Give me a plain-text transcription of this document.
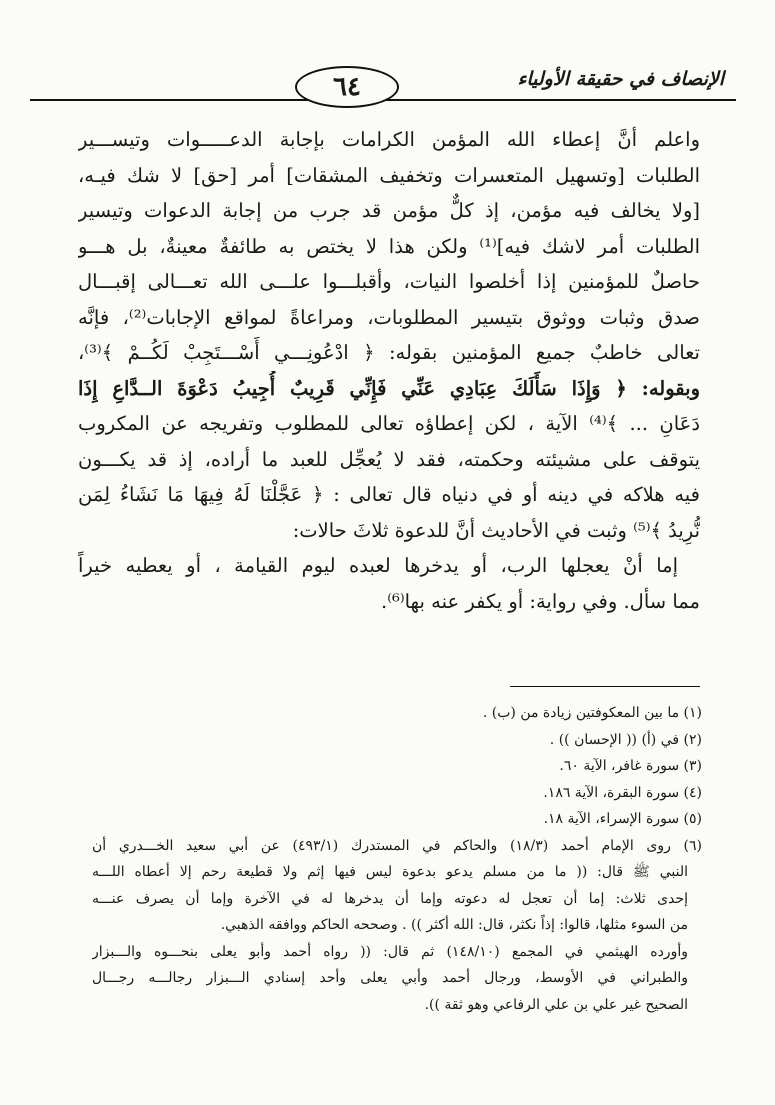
الإنصاف في حقيقة الأولياء
٦٤
واعلم أنَّ إعطاء الله المؤمن الكرامات بإجابة الدعـــــوات وتيســـير
الطلبات [وتسهيل المتعسرات وتخفيف المشقات] أمر [حق] لا شك فيـه،
[ولا يخالف فيه مؤمن، إذ كلٌّ مؤمن قد جرب من إجابة الدعوات وتيسير
الطلبات أمر لاشك فيه]⁽¹⁾ ولكن هذا لا يختص به طائفةٌ معينةٌ، بل هـــو
حاصلٌ للمؤمنين إذا أخلصوا النيات، وأقبلـــوا علـــى الله تعـــالى إقبـــال
صدق وثبات ووثوق بتيسير المطلوبات، ومراعاةً لمواقع الإجابات⁽²⁾، فإنَّه
تعالى خاطبٌ جميع المؤمنين بقوله: ﴿ ادْعُونِـــي أَسْـــتَجِبْ لَكُــمْ ﴾⁽³⁾،
وبقوله: ﴿ وَإِذَا سَأَلَكَ عِبَادِي عَنِّي فَإِنِّي قَرِيبٌ أُجِيبُ دَعْوَةَ الــدَّاعِ إِذَا
دَعَانِ ... ﴾⁽⁴⁾ الآية ، لكن إعطاؤه تعالى للمطلوب وتفريجه عن المكروب
يتوقف على مشيئته وحكمته، فقد لا يُعجِّل للعبد ما أراده، إذ قد يكـــون
فيه هلاكه في دينه أو في دنياه قال تعالى : ﴿ عَجَّلْنَا لَهُ فِيهَا مَا نَشَاءُ لِمَن
نُّرِيدُ ﴾⁽⁵⁾ وثبت في الأحاديث أنَّ للدعوة ثلاثَ حالات:
إما أنْ يعجلها الرب، أو يدخرها لعبده ليوم القيامة ، أو يعطيه خيراً
مما سأل. وفي رواية: أو يكفر عنه بها⁽⁶⁾.
(١) ما بين المعكوفتين زيادة من (ب) .
(٢) في (أ) (( الإحسان )) .
(٣) سورة غافر، الآية ٦٠.
(٤) سورة البقرة، الآية ١٨٦.
(٥) سورة الإسراء، الآية ١٨.
(٦) روى الإمام أحمد (١٨/٣) والحاكم في المستدرك (٤٩٣/١) عن أبي سعيد الخـــدري أن
النبي ﷺ قال: (( ما من مسلم يدعو بدعوة ليس فيها إثم ولا قطيعة رحم إلا أعطاه اللـــه
إحدى ثلاث: إما أن تعجل له دعوته وإما أن يدخرها له في الآخرة وإما أن يصرف عنـــه
من السوء مثلها، قالوا: إذاً نكثر، قال: الله أكثر )) . وصححه الحاكم ووافقه الذهبي.
وأورده الهيثمي في المجمع (١٤٨/١٠) ثم قال: (( رواه أحمد وأبو يعلى بنحـــوه والـــبزار
والطبراني في الأوسط، ورجال أحمد وأبي يعلى وأحد إسنادي الـــبزار رجالـــه رجـــال
الصحيح غير علي بن علي الرفاعي وهو ثقة )).
